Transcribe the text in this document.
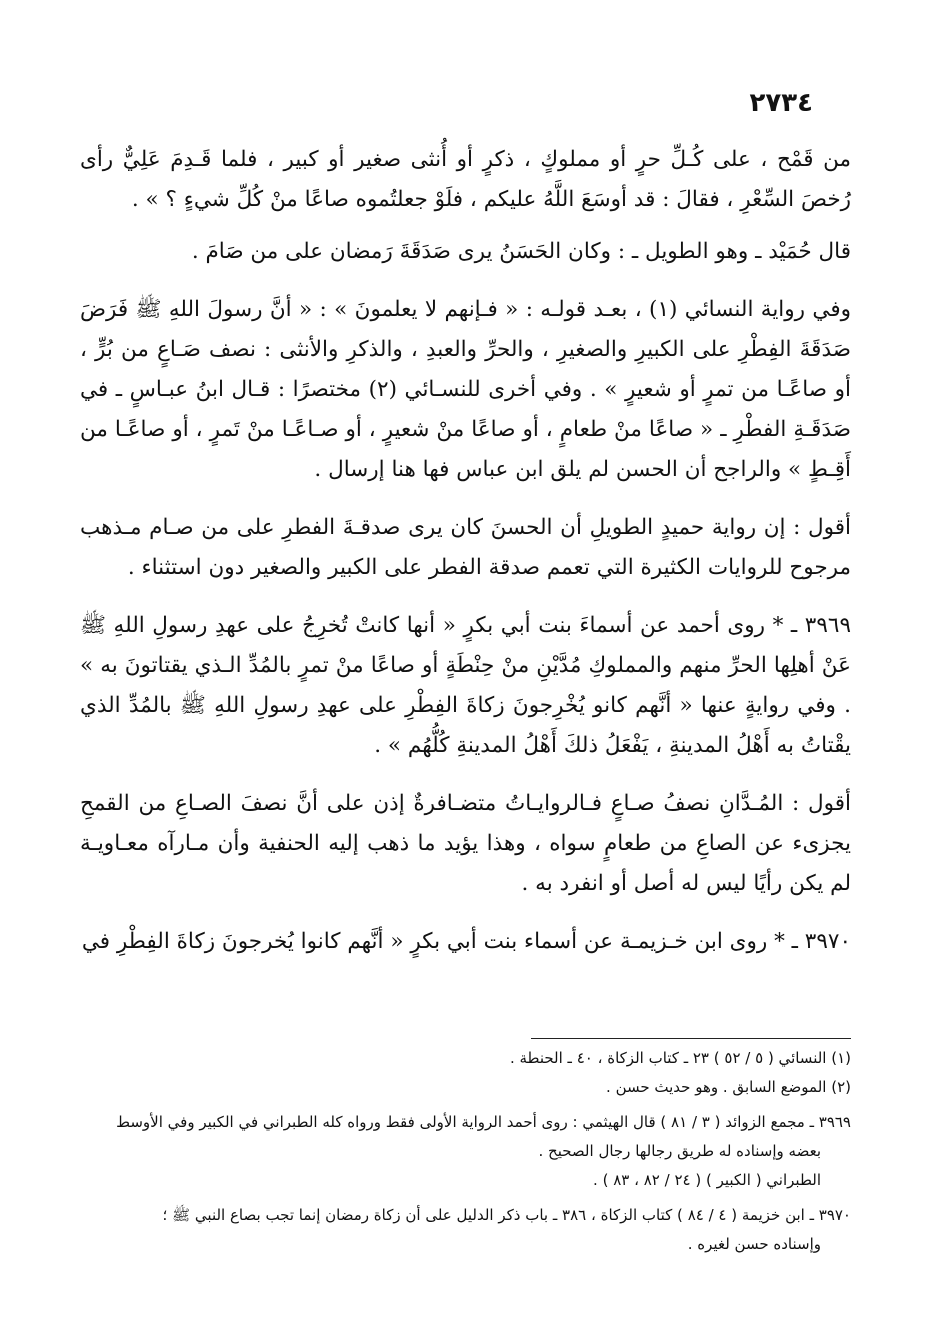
٢٧٣٤

من قَمْح ، على كُـلِّ حرٍ أو مملوكٍ ، ذكرٍ أو أُنثى صغير أو كبير ، فلما قَـدِمَ عَلِيٌّ رأى رُخصَ السِّعْرِ ، فقالَ : قد أوسَعَ اللَّهُ عليكم ، فلَوْ جعلتُموه صاعًا منْ كُلِّ شيءٍ ؟ » .

قال حُمَيْد ـ وهو الطويل ـ : وكان الحَسَنُ يرى صَدَقَةَ رَمضان على من صَامَ .

وفي رواية النسائي (١) ، بعـد قولـه : « فـإنهم لا يعلمونَ » : « أنَّ رسولَ اللهِ ﷺ فَرَضَ صَدَقَةَ الفِطْرِ على الكبيرِ والصغيرِ ، والحرِّ والعبدِ ، والذكرِ والأنثى : نصف صَـاعٍ من بُرٍّ ، أو صاعًـا من تمرٍ أو شعيرٍ » . وفي أخرى للنسـائي (٢) مختصرًا : قـال ابنُ عبـاسٍ ـ في صَدَقَـةِ الفطْرِ ـ « صاعًا منْ طعامٍ ، أو صاعًا منْ شعيرٍ ، أو صـاعًـا منْ تَمرٍ ، أو صاعًـا من أَقِـطٍ » والراجح أن الحسن لم يلق ابن عباس فها هنا إرسال .

أقول : إن رواية حميدٍ الطويلِ أن الحسنَ كان يرى صدقـةَ الفطرِ على من صـام مـذهب مرجوح للروايات الكثيرة التي تعمم صدقة الفطر على الكبير والصغير دون استثناء .

٣٩٦٩ ـ * روى أحمد عن أسماءَ بنت أبي بكرٍ « أنها كانتْ تُخرِجُ على عهدِ رسولِ اللهِ ﷺ عَنْ أهلِها الحرِّ منهم والمملوكِ مُدَّيْنِ منْ حِنْطَةٍ أو صاعًا منْ تمرٍ بالمُدِّ الـذي يقتاتونَ به » . وفي روايةٍ عنها « أنَّهم كانو يُخْرِجونَ زكاةَ الفِطْرِ على عهدِ رسولِ اللهِ ﷺ بالمُدِّ الذي يقْتاتُ به أَهْلُ المدينةِ ، يَفْعَلُ ذلكَ أَهْلُ المدينةِ كُلُّهُم » .

أقول : المُـدَّانِ نصفُ صـاعٍ فـالروايـاتُ متضـافرةٌ إذن على أنَّ نصفَ الصـاعِ من القمحِ يجزىء عن الصاعِ من طعامٍ سواه ، وهذا يؤيد ما ذهب إليه الحنفية وأن مـارآه معـاويـة لم يكن رأيًا ليس له أصل أو انفرد به .

٣٩٧٠ ـ * روى ابن خـزيمـة عن أسماء بنت أبي بكرٍ « أنَّهم كانوا يُخرجونَ زكاةَ الفِطْرِ في

(١) النسائي ( ٥ / ٥٢ ) ٢٣ ـ كتاب الزكاة ، ٤٠ ـ الحنطة .
(٢) الموضع السابق . وهو حديث حسن .
٣٩٦٩ ـ مجمع الزوائد ( ٣ / ٨١ ) قال الهيثمي : روى أحمد الرواية الأولى فقط ورواه كله الطبراني في الكبير وفي الأوسط
بعضه وإسناده له طريق رجالها رجال الصحيح .
الطبراني ( الكبير ) ( ٢٤ / ٨٢ ، ٨٣ ) .
٣٩٧٠ ـ ابن خزيمة ( ٤ / ٨٤ ) كتاب الزكاة ، ٣٨٦ ـ باب ذكر الدليل على أن زكاة رمضان إنما تجب بصاع النبي ﷺ ؛
وإسناده حسن لغيره .
